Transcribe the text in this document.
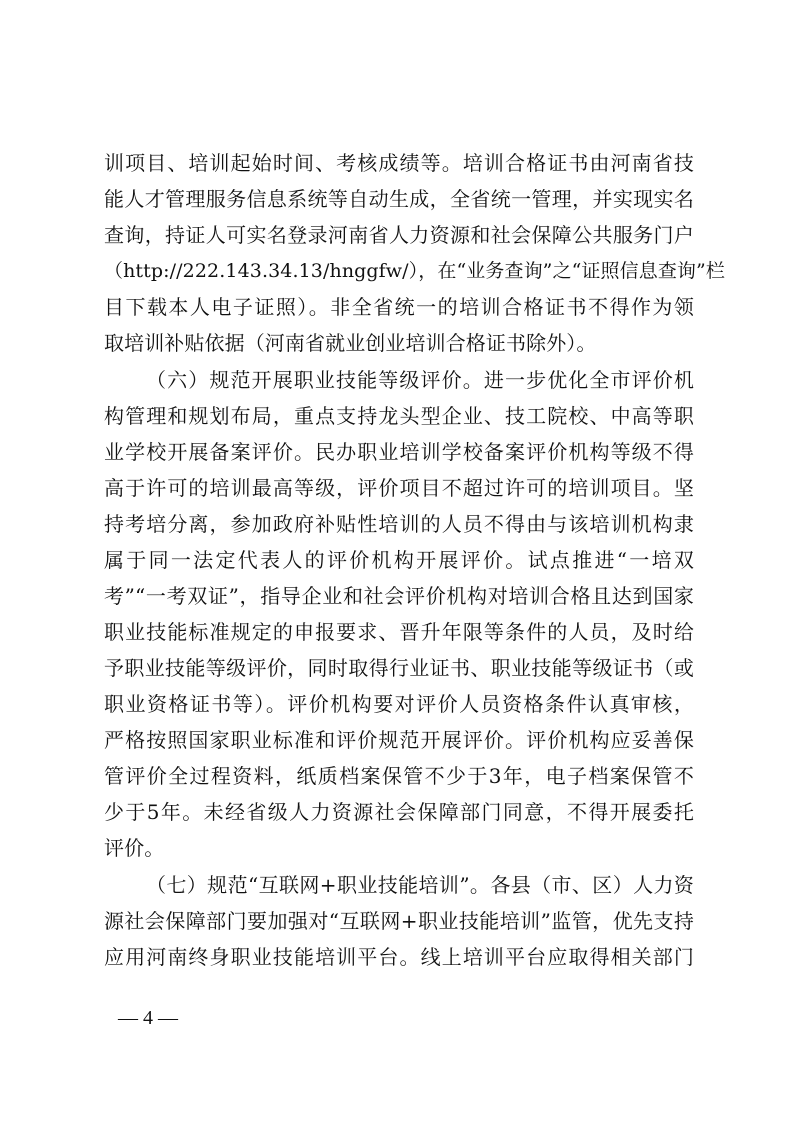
训项目、培训起始时间、考核成绩等。培训合格证书由河南省技
能人才管理服务信息系统等自动生成，全省统一管理，并实现实名
查询，持证人可实名登录河南省人力资源和社会保障公共服务门户
（http://222.143.34.13/hnggfw/），在“业务查询”之“证照信息查询”栏
目下载本人电子证照）。非全省统一的培训合格证书不得作为领
取培训补贴依据（河南省就业创业培训合格证书除外）。
（六）规范开展职业技能等级评价。进一步优化全市评价机
构管理和规划布局，重点支持龙头型企业、技工院校、中高等职
业学校开展备案评价。民办职业培训学校备案评价机构等级不得
高于许可的培训最高等级，评价项目不超过许可的培训项目。坚
持考培分离，参加政府补贴性培训的人员不得由与该培训机构隶
属于同一法定代表人的评价机构开展评价。试点推进“一培双
考”“一考双证”，指导企业和社会评价机构对培训合格且达到国家
职业技能标准规定的申报要求、晋升年限等条件的人员，及时给
予职业技能等级评价，同时取得行业证书、职业技能等级证书（或
职业资格证书等）。评价机构要对评价人员资格条件认真审核，
严格按照国家职业标准和评价规范开展评价。评价机构应妥善保
管评价全过程资料，纸质档案保管不少于3年，电子档案保管不
少于5年。未经省级人力资源社会保障部门同意，不得开展委托
评价。
（七）规范“互联网+职业技能培训”。各县（市、区）人力资
源社会保障部门要加强对“互联网+职业技能培训”监管，优先支持
应用河南终身职业技能培训平台。线上培训平台应取得相关部门
— 4 —
